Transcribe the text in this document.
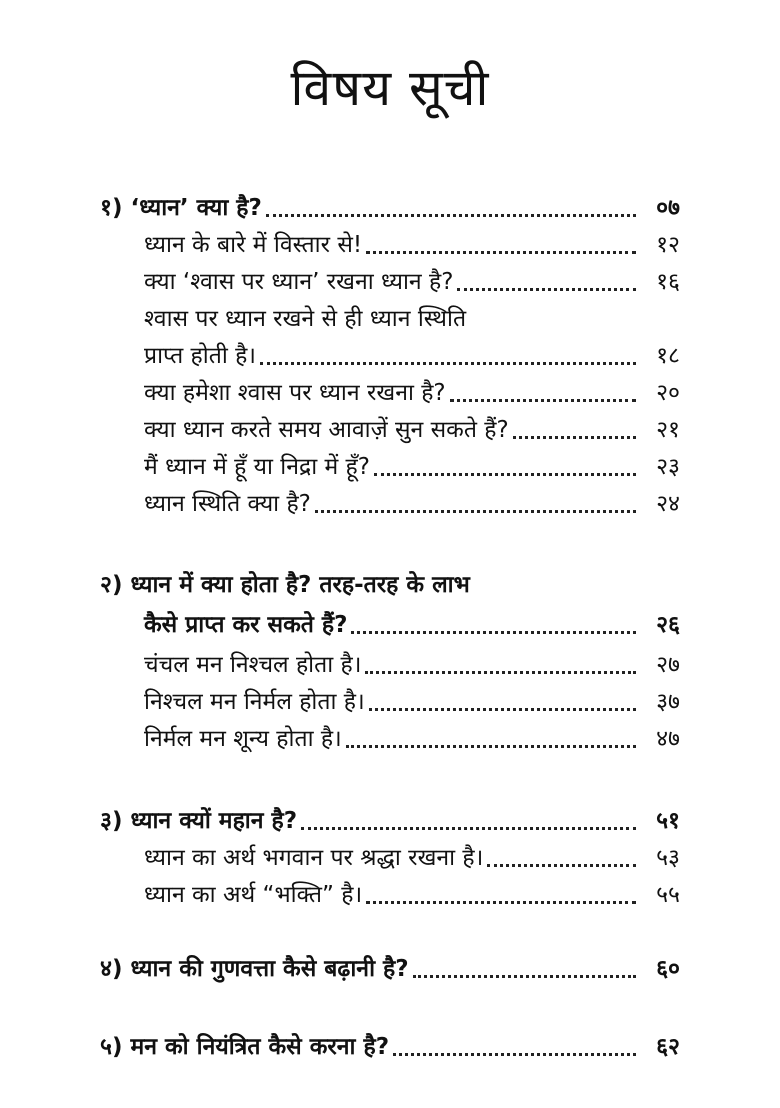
विषय सूची
१) ‘ध्यान’ क्या है?	०७
ध्यान के बारे में विस्तार से!	१२
क्या ‘श्वास पर ध्यान’ रखना ध्यान है?	१६
श्वास पर ध्यान रखने से ही ध्यान स्थिति
प्राप्त होती है।	१८
क्या हमेशा श्वास पर ध्यान रखना है?	२०
क्या ध्यान करते समय आवाज़ें सुन सकते हैं?	२१
मैं ध्यान में हूँ या निद्रा में हूँ?	२३
ध्यान स्थिति क्या है?	२४
२) ध्यान में क्या होता है? तरह-तरह के लाभ
कैसे प्राप्त कर सकते हैं?	२६
चंचल मन निश्चल होता है।	२७
निश्चल मन निर्मल होता है।	३७
निर्मल मन शून्य होता है।	४७
३) ध्यान क्यों महान है?	५१
ध्यान का अर्थ भगवान पर श्रद्धा रखना है।	५३
ध्यान का अर्थ “भक्ति” है।	५५
४) ध्यान की गुणवत्ता कैसे बढ़ानी है?	६०
५) मन को नियंत्रित कैसे करना है?	६२
